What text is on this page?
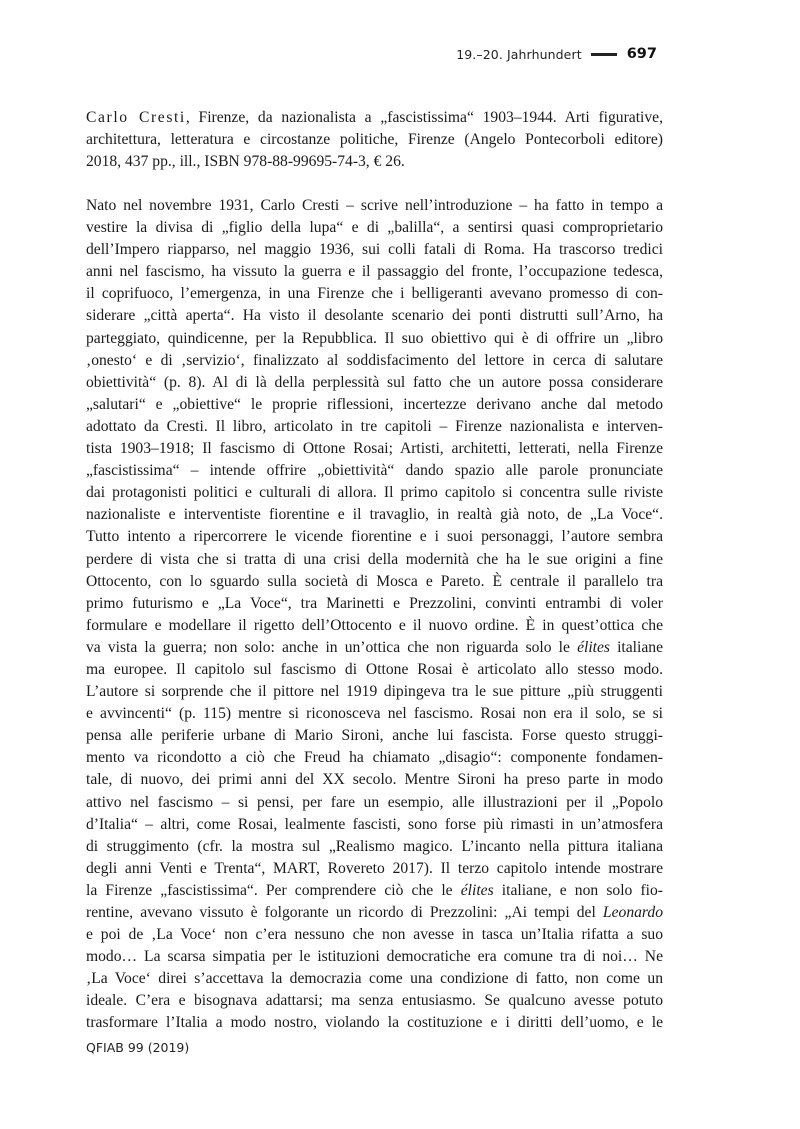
19.–20. Jahrhundert	697
Carlo Cresti, Firenze, da nazionalista a „fascistissima“ 1903–1944. Arti figurative,
architettura, letteratura e circostanze politiche, Firenze (Angelo Pontecorboli editore)
2018, 437 pp., ill., ISBN 978-88-99695-74-3, € 26.
Nato nel novembre 1931, Carlo Cresti – scrive nell’introduzione – ha fatto in tempo a
vestire la divisa di „figlio della lupa“ e di „balilla“, a sentirsi quasi comproprietario
dell’Impero riapparso, nel maggio 1936, sui colli fatali di Roma. Ha trascorso tredici
anni nel fascismo, ha vissuto la guerra e il passaggio del fronte, l’occupazione tedesca,
il coprifuoco, l’emergenza, in una Firenze che i belligeranti avevano promesso di con-
siderare „città aperta“. Ha visto il desolante scenario dei ponti distrutti sull’Arno, ha
parteggiato, quindicenne, per la Repubblica. Il suo obiettivo qui è di offrire un „libro
‚onesto‘ e di ‚servizio‘, finalizzato al soddisfacimento del lettore in cerca di salutare
obiettività“ (p. 8). Al di là della perplessità sul fatto che un autore possa considerare
„salutari“ e „obiettive“ le proprie riflessioni, incertezze derivano anche dal metodo
adottato da Cresti. Il libro, articolato in tre capitoli – Firenze nazionalista e interven-
tista 1903–1918; Il fascismo di Ottone Rosai; Artisti, architetti, letterati, nella Firenze
„fascistissima“ – intende offrire „obiettività“ dando spazio alle parole pronunciate
dai protagonisti politici e culturali di allora. Il primo capitolo si concentra sulle riviste
nazionaliste e interventiste fiorentine e il travaglio, in realtà già noto, de „La Voce“.
Tutto intento a ripercorrere le vicende fiorentine e i suoi personaggi, l’autore sembra
perdere di vista che si tratta di una crisi della modernità che ha le sue origini a fine
Ottocento, con lo sguardo sulla società di Mosca e Pareto. È centrale il parallelo tra
primo futurismo e „La Voce“, tra Marinetti e Prezzolini, convinti entrambi di voler
formulare e modellare il rigetto dell’Ottocento e il nuovo ordine. È in quest’ottica che
va vista la guerra; non solo: anche in un’ottica che non riguarda solo le élites italiane
ma europee. Il capitolo sul fascismo di Ottone Rosai è articolato allo stesso modo.
L’autore si sorprende che il pittore nel 1919 dipingeva tra le sue pitture „più struggenti
e avvincenti“ (p. 115) mentre si riconosceva nel fascismo. Rosai non era il solo, se si
pensa alle periferie urbane di Mario Sironi, anche lui fascista. Forse questo struggi-
mento va ricondotto a ciò che Freud ha chiamato „disagio“: componente fondamen-
tale, di nuovo, dei primi anni del XX secolo. Mentre Sironi ha preso parte in modo
attivo nel fascismo – si pensi, per fare un esempio, alle illustrazioni per il „Popolo
d’Italia“ – altri, come Rosai, lealmente fascisti, sono forse più rimasti in un’atmosfera
di struggimento (cfr. la mostra sul „Realismo magico. L’incanto nella pittura italiana
degli anni Venti e Trenta“, MART, Rovereto 2017). Il terzo capitolo intende mostrare
la Firenze „fascistissima“. Per comprendere ciò che le élites italiane, e non solo fio-
rentine, avevano vissuto è folgorante un ricordo di Prezzolini: „Ai tempi del Leonardo
e poi de ‚La Voce‘ non c’era nessuno che non avesse in tasca un’Italia rifatta a suo
modo… La scarsa simpatia per le istituzioni democratiche era comune tra di noi… Ne
‚La Voce‘ direi s’accettava la democrazia come una condizione di fatto, non come un
ideale. C’era e bisognava adattarsi; ma senza entusiasmo. Se qualcuno avesse potuto
trasformare l’Italia a modo nostro, violando la costituzione e i diritti dell’uomo, e le
QFIAB 99 (2019)
